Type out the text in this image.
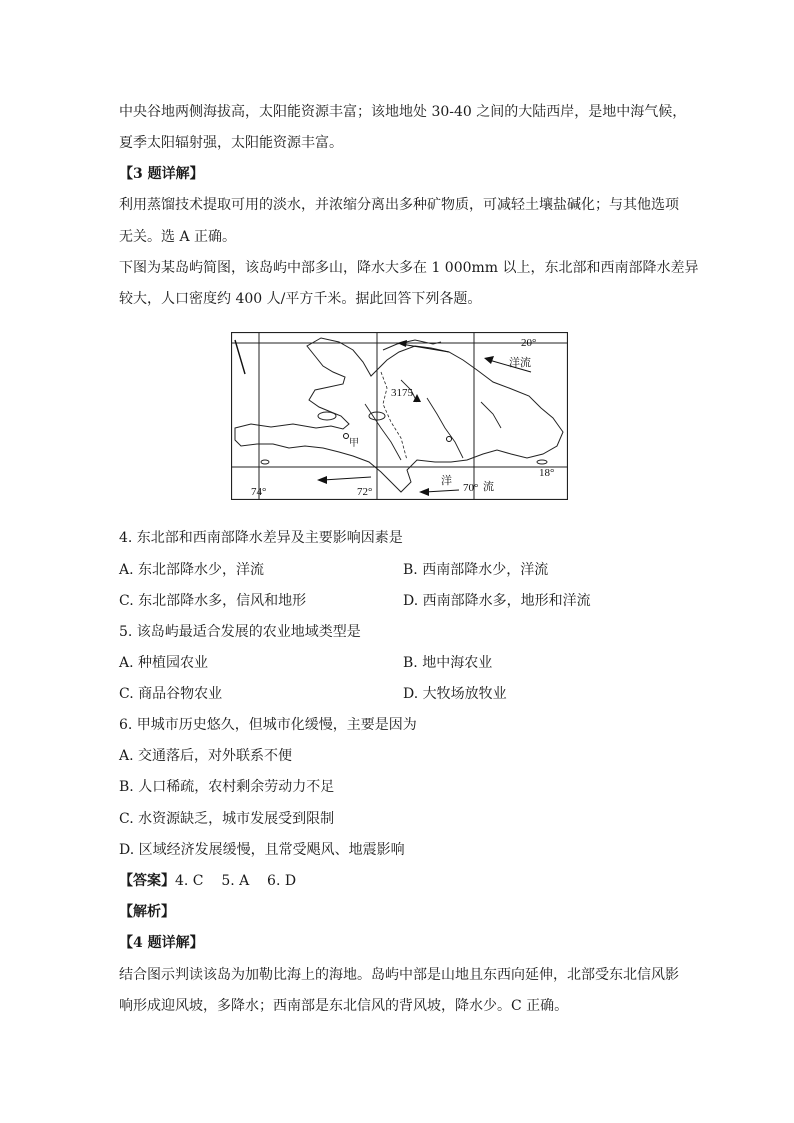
中央谷地两侧海拔高，太阳能资源丰富；该地地处 30-40 之间的大陆西岸，是地中海气候，
夏季太阳辐射强，太阳能资源丰富。
【3 题详解】
利用蒸馏技术提取可用的淡水，并浓缩分离出多种矿物质，可减轻土壤盐碱化；与其他选项
无关。选 A 正确。
下图为某岛屿简图，该岛屿中部多山，降水大多在 1 000mm 以上，东北部和西南部降水差异
较大，人口密度约 400 人/平方千米。据此回答下列各题。
20°
18°
74°	72°	70°
3175
洋流
洋	流
甲
4. 东北部和西南部降水差异及主要影响因素是
A. 东北部降水少，洋流	B. 西南部降水少，洋流
C. 东北部降水多，信风和地形	D. 西南部降水多，地形和洋流
5. 该岛屿最适合发展的农业地域类型是
A. 种植园农业	B. 地中海农业
C. 商品谷物农业	D. 大牧场放牧业
6. 甲城市历史悠久，但城市化缓慢，主要是因为
A. 交通落后，对外联系不便
B. 人口稀疏，农村剩余劳动力不足
C. 水资源缺乏，城市发展受到限制
D. 区域经济发展缓慢，且常受飓风、地震影响
【答案】4. C    5. A    6. D
【解析】
【4 题详解】
结合图示判读该岛为加勒比海上的海地。岛屿中部是山地且东西向延伸，北部受东北信风影
响形成迎风坡，多降水；西南部是东北信风的背风坡，降水少。C 正确。
